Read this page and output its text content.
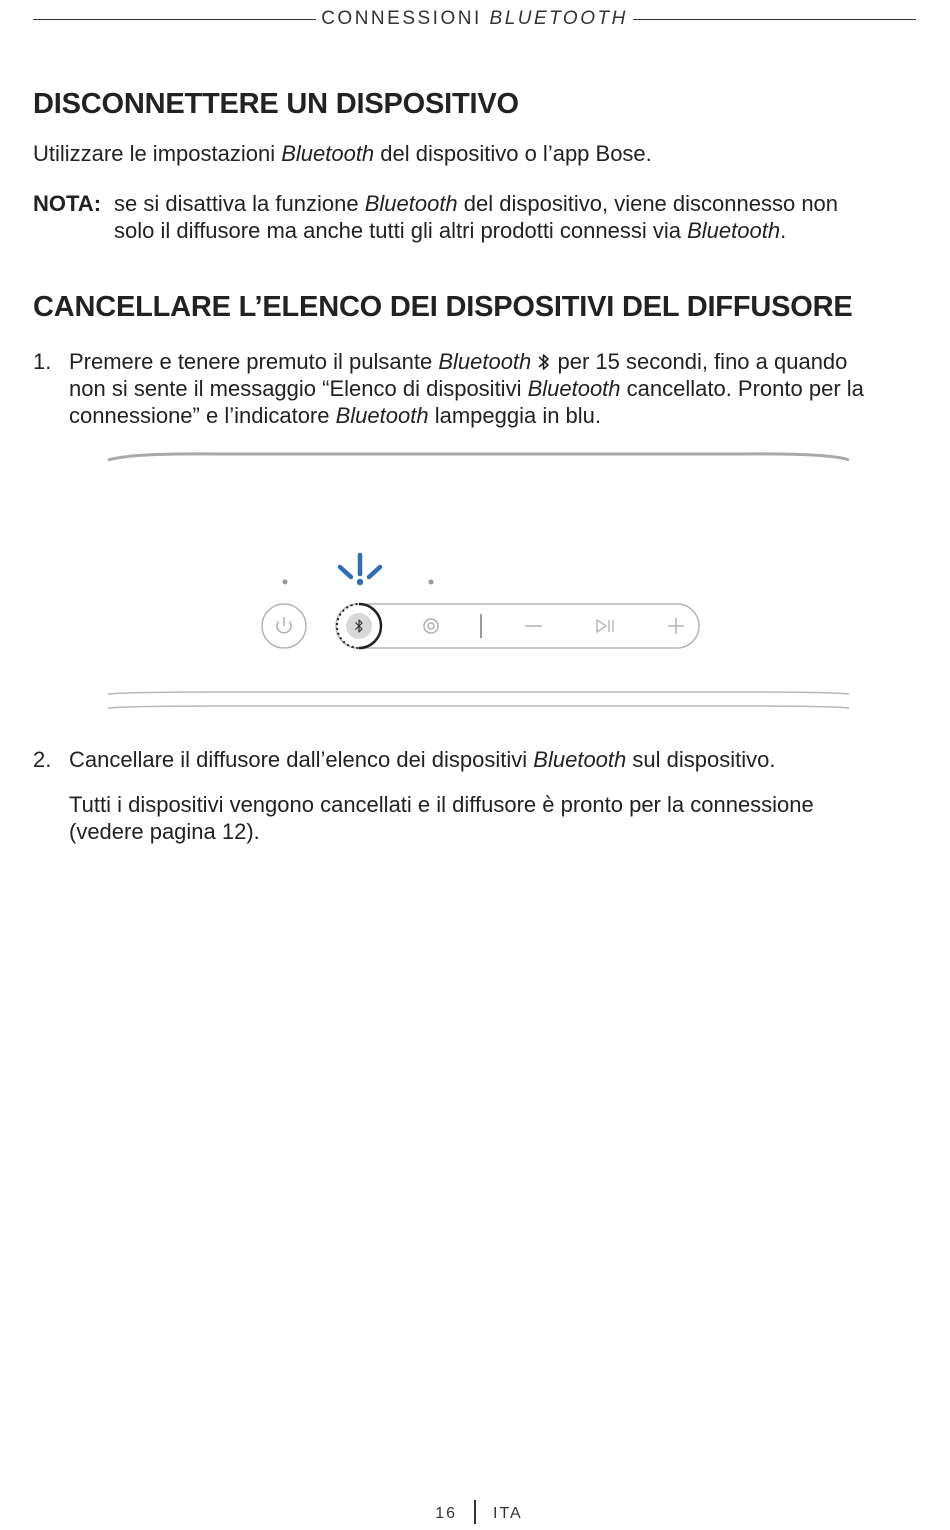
CONNESSIONI BLUETOOTH
DISCONNETTERE UN DISPOSITIVO

Utilizzare le impostazioni Bluetooth del dispositivo o l’app Bose.

NOTA: se si disattiva la funzione Bluetooth del dispositivo, viene disconnesso non
solo il diffusore ma anche tutti gli altri prodotti connessi via Bluetooth.

CANCELLARE L’ELENCO DEI DISPOSITIVI DEL DIFFUSORE
1. Premere e tenere premuto il pulsante Bluetooth  per 15 secondi, fino a quando
non si sente il messaggio “Elenco di dispositivi Bluetooth cancellato. Pronto per la
connessione” e l’indicatore Bluetooth lampeggia in blu.

2. Cancellare il diffusore dall’elenco dei dispositivi Bluetooth sul dispositivo.

Tutti i dispositivi vengono cancellati e il diffusore è pronto per la connessione
(vedere pagina 12).

16 ITA
